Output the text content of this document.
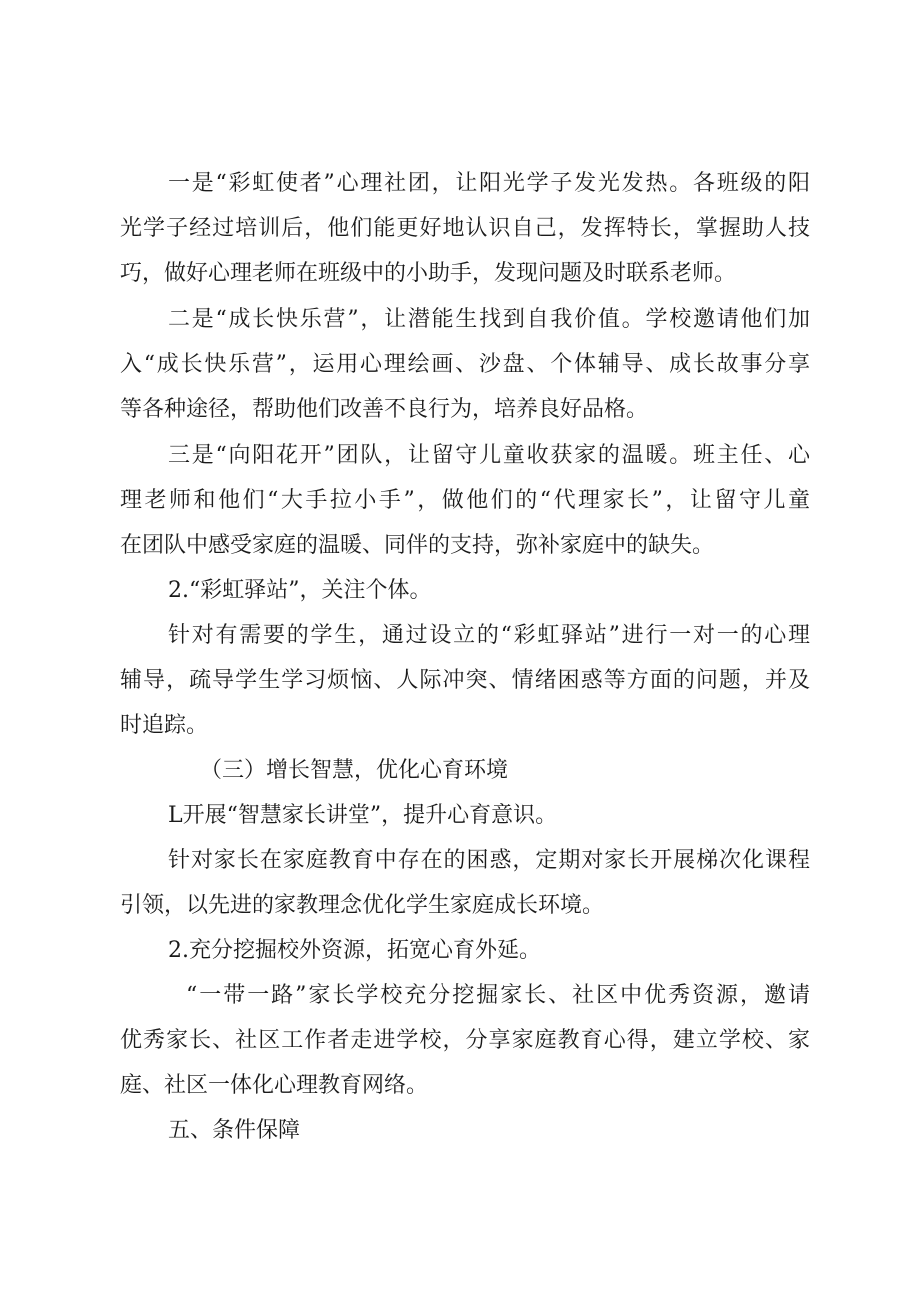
一是“彩虹使者”心理社团，让阳光学子发光发热。各班级的阳
光学子经过培训后，他们能更好地认识自己，发挥特长，掌握助人技
巧，做好心理老师在班级中的小助手，发现问题及时联系老师。
二是“成长快乐营”，让潜能生找到自我价值。学校邀请他们加
入“成长快乐营”，运用心理绘画、沙盘、个体辅导、成长故事分享
等各种途径，帮助他们改善不良行为，培养良好品格。
三是“向阳花开”团队，让留守儿童收获家的温暖。班主任、心
理老师和他们“大手拉小手”，做他们的“代理家长”，让留守儿童
在团队中感受家庭的温暖、同伴的支持，弥补家庭中的缺失。
2.“彩虹驿站”，关注个体。
针对有需要的学生，通过设立的“彩虹驿站”进行一对一的心理
辅导，疏导学生学习烦恼、人际冲突、情绪困惑等方面的问题，并及
时追踪。
（三）增长智慧，优化心育环境
L开展“智慧家长讲堂”，提升心育意识。
针对家长在家庭教育中存在的困惑，定期对家长开展梯次化课程
引领，以先进的家教理念优化学生家庭成长环境。
2.充分挖掘校外资源，拓宽心育外延。
“一带一路”家长学校充分挖掘家长、社区中优秀资源，邀请
优秀家长、社区工作者走进学校，分享家庭教育心得，建立学校、家
庭、社区一体化心理教育网络。
五、条件保障
